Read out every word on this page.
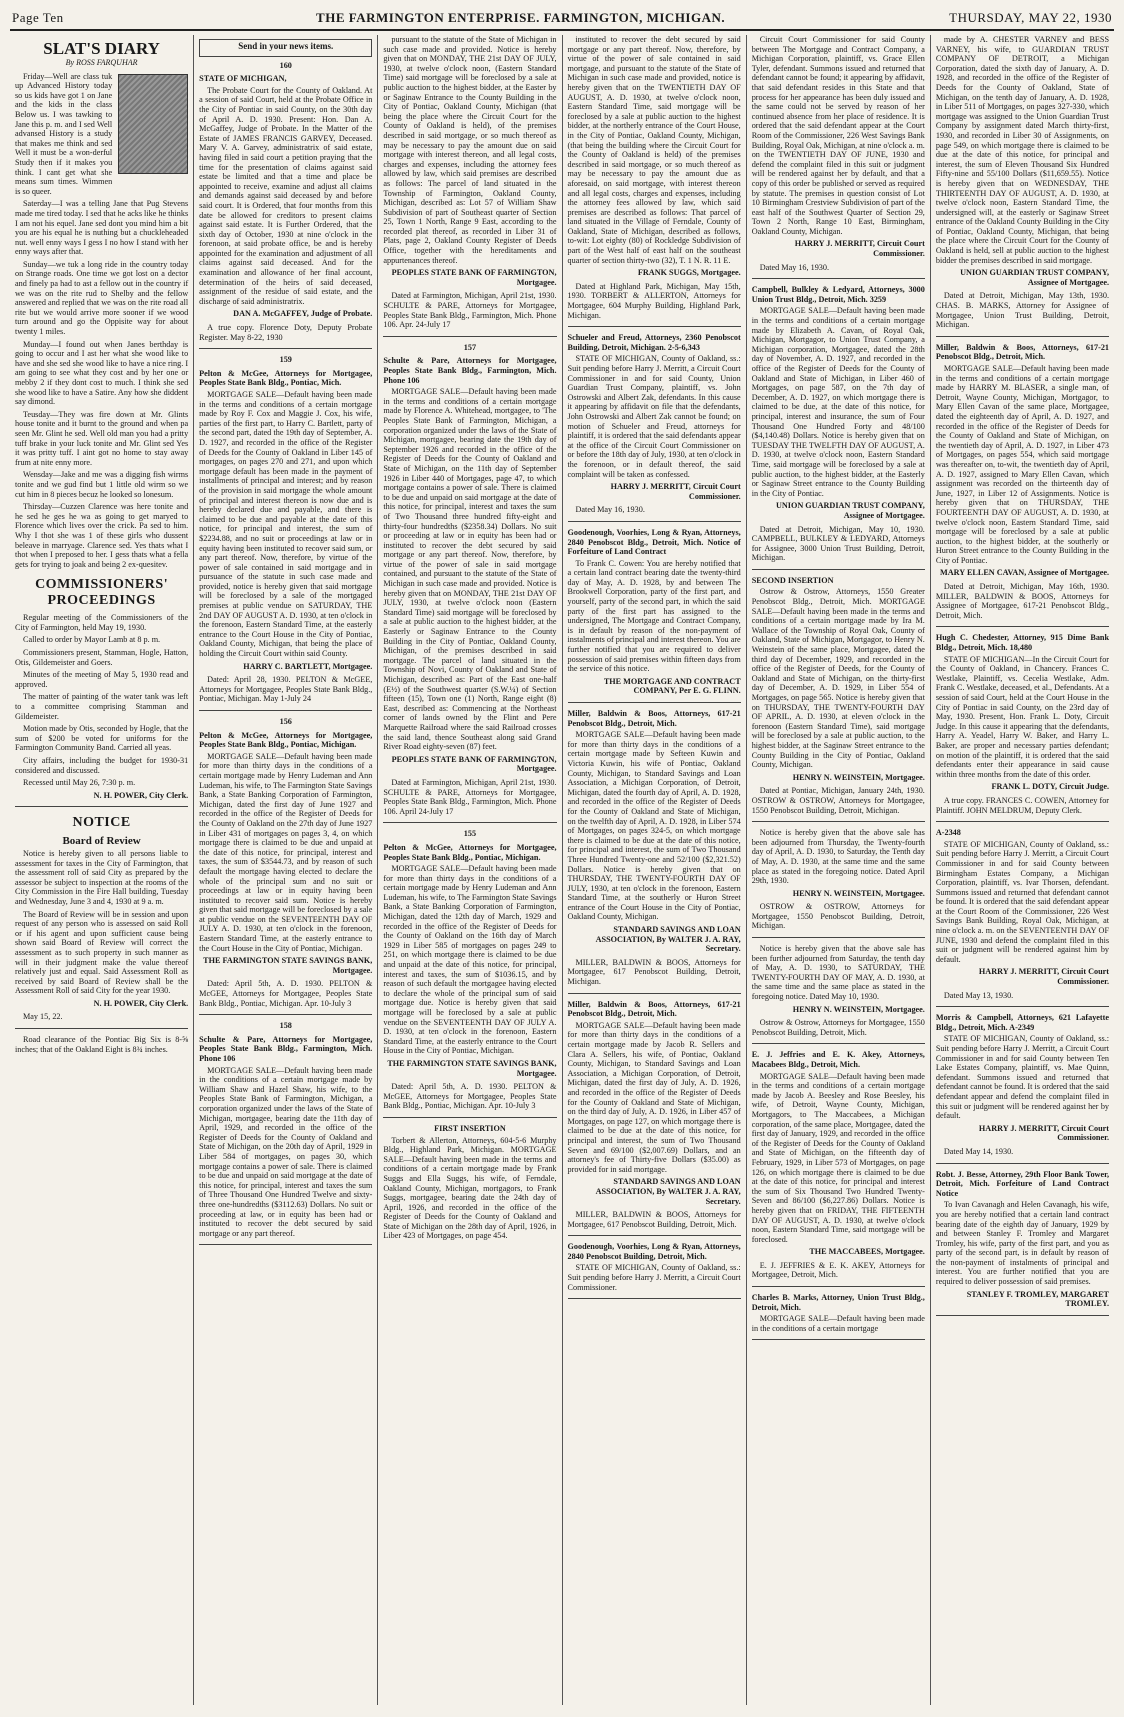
Page Ten	THE FARMINGTON ENTERPRISE. FARMINGTON, MICHIGAN.	THURSDAY, MAY 22, 1930
SLAT'S DIARY
By ROSS FARQUHAR

Friday—Well are class tuk up Advanced History today so us kids have got 1 on Jane and the kids in the class Below us. I was tawking to Jane this p. m. and I sed Well advansed History is a study that makes me think and sed Well it must be a won-derful Study then if it makes you think. I cant get what she means sum times. Wimmen is so queer.

Saterday—I was a telling Jane that Pug Stevens made me tired today. I sed that he acks like he thinks I am not his equel. Jane sed dont you mind him a bit you are his equal he is nuthing but a chuckleheaded nut. well enny ways I gess I no how I stand with her enny ways after that.

Sunday—we tuk a long ride in the country today on Strange roads. One time we got lost on a dector and finely pa had to ast a fellow out in the country if we was on the rite rud to Shelby and the fellow answered and replied that we was on the rite road all rite but we would arrive more sooner if we wood turn around and go the Oppisite way for about twenty 1 miles.

Munday—I found out when Janes berthday is going to occur and I ast her what she wood like to have and she sed she wood like to have a nice ring. I am going to see what they cost and by her one or mebby 2 if they dont cost to much. I think she sed she wood like to have a Satire. Any how she diddent say dimond.

Teusday—They was fire down at Mr. Glints house tonite and it burnt to the ground and when pa seen Mr. Glint he sed. Well old man you had a pritty tuff brake in your luck tonite and Mr. Glint sed Yes it was pritty tuff. I aint got no home to stay away frum at nite enny more.

Wensday—Jake and me was a digging fish wirms tonite and we gud find but 1 little old wirm so we cut him in 8 pieces becuz he looked so lonesum.

Thirsday—Cuzzen Clarence was here tonite and he sed he ges he wa as going to get maryed to Florence which lives over the crick. Pa sed to him. Why I thot she was 1 of these girls who dussent beleave in marryage. Clarence sed. Yes thats what I thot when I preposed to her. I gess thats what a fella gets for trying to joak and being 2 ex-quesitev.

COMMISSIONERS' PROCEEDINGS

Regular meeting of the Commissioners of the City of Farmington, held May 19, 1930.

Called to order by Mayor Lamb at 8 p. m.

Commissioners present, Stamman, Hogle, Hatton, Otis, Gildemeister and Goers.

Minutes of the meeting of May 5, 1930 read and approved.

The matter of painting of the water tank was left to a committee comprising Stamman and Gildemeister.

Motion made by Otis, seconded by Hogle, that the sum of $200 be voted for uniforms for the Farmington Community Band. Carried all yeas.

City affairs, including the budget for 1930-31 considered and discussed.

Recessed until May 26, 7:30 p. m.

N. H. POWER, City Clerk.
NOTICE
Board of Review

Notice is hereby given to all persons liable to assessment for taxes in the City of Farmington, that the assessment roll of said City as prepared by the assessor be subject to inspection at the rooms of the City Commission in the Fire Hall building, Tuesday and Wednesday, June 3 and 4, 1930 at 9 a. m.

The Board of Review will be in session and upon request of any person who is assessed on said Roll or if his agent and upon sufficient cause being shown said Board of Review will correct the assessment as to such property in such manner as will in their judgment make the value thereof relatively just and equal. Said Assessment Roll as received by said Board of Review shall be the Assessment Roll of said City for the year 1930.

N. H. POWER, City Clerk.

May 15, 22.

Road clearance of the Pontiac Big Six is 8-⅝ inches; that of the Oakland Eight is 8¾ inches.

Send in your news items.
160
STATE OF MICHIGAN,

The Probate Court for the County of Oakland. At a session of said Court, held at the Probate Office in the City of Pontiac in said County, on the 30th day of April A. D. 1930. Present: Hon. Dan A. McGaffey, Judge of Probate. In the Matter of the Estate of JAMES FRANCIS GARVEY, Deceased. Mary V. A. Garvey, administratrix of said estate, having filed in said court a petition praying that the time for the presentation of claims against said estate be limited and that a time and place be appointed to receive, examine and adjust all claims and demands against said deceased by and before said court. It is Ordered, that four months from this date be allowed for creditors to present claims against said estate. It is Further Ordered, that the sixth day of October, 1930 at nine o'clock in the forenoon, at said probate office, be and is hereby appointed for the examination and adjustment of all claims against said deceased. And for the examination and allowance of her final account, determination of the heirs of said deceased, assignment of the residue of said estate, and the discharge of said administratrix.

DAN A. McGAFFEY, Judge of Probate.

A true copy. Florence Doty, Deputy Probate Register. May 8-22, 1930

159
Pelton & McGee, Attorneys for Mortgagee, Peoples State Bank Bldg., Pontiac, Mich.

MORTGAGE SALE—Default having been made in the terms and conditions of a certain mortgage made by Roy F. Cox and Maggie J. Cox, his wife, parties of the first part, to Harry C. Bartlett, party of the second part, dated the 19th day of September, A. D. 1927, and recorded in the office of the Register of Deeds for the County of Oakland in Liber 145 of mortgages, on pages 270 and 271, and upon which mortgage default has been made in the payment of installments of principal and interest; and by reason of the provision in said mortgage the whole amount of principal and interest thereon is now due and is hereby declared due and payable, and there is claimed to be due and payable at the date of this notice, for principal and interest, the sum of $2234.88, and no suit or proceedings at law or in equity having been instituted to recover said sum, or any part thereof. Now, therefore, by virtue of the power of sale contained in said mortgage and in pursuance of the statute in such case made and provided, notice is hereby given that said mortgage will be foreclosed by a sale of the mortgaged premises at public vendue on SATURDAY, THE 2nd DAY OF AUGUST A. D. 1930, at ten o'clock in the forenoon, Eastern Standard Time, at the easterly entrance to the Court House in the City of Pontiac, Oakland County, Michigan, that being the place of holding the Circuit Court within said County.

HARRY C. BARTLETT, Mortgagee.

Dated: April 28, 1930. PELTON & McGEE, Attorneys for Mortgagee, Peoples State Bank Bldg., Pontiac, Michigan. May 1-July 24

156
Pelton & McGee, Attorneys for Mortgagee, Peoples State Bank Bldg., Pontiac, Michigan.

MORTGAGE SALE—Default having been made for more than thirty days in the conditions of a certain mortgage made by Henry Ludeman and Ann Ludeman, his wife, to The Farmington State Savings Bank, a State Banking Corporation of Farmington, Michigan, dated the first day of June 1927 and recorded in the office of the Register of Deeds for the County of Oakland on the 27th day of June 1927 in Liber 431 of mortgages on pages 3, 4, on which mortgage there is claimed to be due and unpaid at the date of this notice, for principal, interest and taxes, the sum of $3544.73, and by reason of such default the mortgage having elected to declare the whole of the principal sum and no suit or proceedings at law or in equity having been instituted to recover said sum. Notice is hereby given that said mortgage will be foreclosed by a sale at public vendue on the SEVENTEENTH DAY OF JULY A. D. 1930, at ten o'clock in the forenoon, Eastern Standard Time, at the easterly entrance to the Court House in the City of Pontiac, Michigan.

THE FARMINGTON STATE SAVINGS BANK, Mortgagee.

Dated: April 5th, A. D. 1930. PELTON & McGEE, Attorneys for Mortgagee, Peoples State Bank Bldg., Pontiac, Michigan. Apr. 10-July 3

158
Schulte & Pare, Attorneys for Mortgagee, Peoples State Bank Bldg., Farmington, Mich. Phone 106

MORTGAGE SALE—Default having been made in the conditions of a certain mortgage made by William Shaw and Hazel Shaw, his wife, to the Peoples State Bank of Farmington, Michigan, a corporation organized under the laws of the State of Michigan, mortgagee, bearing date the 11th day of April, 1929, and recorded in the office of the Register of Deeds for the County of Oakland and State of Michigan, on the 20th day of April, 1929 in Liber 584 of mortgages, on pages 30, which mortgage contains a power of sale. There is claimed to be due and unpaid on said mortgage at the date of this notice, for principal, interest and taxes the sum of Three Thousand One Hundred Twelve and sixty-three one-hundredths ($3112.63) Dollars. No suit or proceeding at law, or in equity has been had or instituted to recover the debt secured by said mortgage or any part thereof.

pursuant to the statute of the State of Michigan in such case made and provided. Notice is hereby given that on MONDAY, THE 21st DAY OF JULY, 1930, at twelve o'clock noon, (Eastern Standard Time) said mortgage will be foreclosed by a sale at public auction to the highest bidder, at the Easter by or Saginaw Entrance to the County Building in the City of Pontiac, Oakland County, Michigan (that being the place where the Circuit Court for the County of Oakland is held), of the premises described in said mortgage, or so much thereof as may be necessary to pay the amount due on said mortgage with interest thereon, and all legal costs, charges and expenses, including the attorney fees allowed by law, which said premises are described as follows: The parcel of land situated in the Township of Farmington, Oakland County, Michigan, described as: Lot 57 of William Shaw Subdivision of part of Southeast quarter of Section 25, Town 1 North, Range 9 East, according to the recorded plat thereof, as recorded in Liber 31 of Plats, page 2, Oakland County Register of Deeds Office, together with the hereditaments and appurtenances thereof.

PEOPLES STATE BANK OF FARMINGTON, Mortgagee.

Dated at Farmington, Michigan, April 21st, 1930. SCHULTE & PARE, Attorneys for Mortgagee, Peoples State Bank Bldg., Farmington, Mich. Phone 106. Apr. 24-July 17

157
Schulte & Pare, Attorneys for Mortgagee, Peoples State Bank Bldg., Farmington, Mich. Phone 106

MORTGAGE SALE—Default having been made in the terms and conditions of a certain mortgage made by Florence A. Whitehead, mortgagee, to 'The Peoples State Bank of Farmington, Michigan, a corporation organized under the laws of the State of Michigan, mortgagee, bearing date the 19th day of September 1926 and recorded in the office of the Register of Deeds for the County of Oakland and State of Michigan, on the 11th day of September 1926 in Liber 440 of Mortgages, page 47, to which mortgage contains a power of sale. There is claimed to be due and unpaid on said mortgage at the date of this notice, for principal, interest and taxes the sum of Two Thousand three hundred fifty-eight and thirty-four hundredths ($2358.34) Dollars. No suit or proceeding at law or in equity has been had or instituted to recover the debt secured by said mortgage or any part thereof. Now, therefore, by virtue of the power of sale in said mortgage contained, and pursuant to the statute of the State of Michigan in such case made and provided. Notice is hereby given that on MONDAY, THE 21st DAY OF JULY, 1930, at twelve o'clock noon (Eastern Standard Time) said mortgage will be foreclosed by a sale at public auction to the highest bidder, at the Easterly or Saginaw Entrance to the County Building in the City of Pontiac, Oakland County, Michigan, of the premises described in said mortgage. The parcel of land situated in the Township of Novi, County of Oakland and State of Michigan, described as: Part of the East one-half (E½) of the Southwest quarter (S.W.¼) of Section fifteen (15), Town one (1) North, Range eight (8) East, described as: Commencing at the Northeast corner of lands owned by the Flint and Pere Marquette Railroad where the said Railroad crosses the said land, thence Southeast along said Grand River Road eighty-seven (87) feet.

PEOPLES STATE BANK OF FARMINGTON, Mortgagee.

Dated at Farmington, Michigan, April 21st, 1930. SCHULTE & PARE, Attorneys for Mortgagee, Peoples State Bank Bldg., Farmington, Mich. Phone 106. April 24-July 17

155
Pelton & McGee, Attorneys for Mortgagee, Peoples State Bank Bldg., Pontiac, Michigan.

MORTGAGE SALE—Default having been made for more than thirty days in the conditions of a certain mortgage made by Henry Ludeman and Ann Ludeman, his wife, to The Farmington State Savings Bank, a State Banking Corporation of Farmington, Michigan, dated the 12th day of March, 1929 and recorded in the office of the Register of Deeds for the County of Oakland on the 16th day of March 1929 in Liber 585 of mortgages on pages 249 to 251, on which mortgage there is claimed to be due and unpaid at the date of this notice, for principal, interest and taxes, the sum of $1036.15, and by reason of such default the mortgagee having elected to declare the whole of the principal sum of said mortgage due. Notice is hereby given that said mortgage will be foreclosed by a sale at public vendue on the SEVENTEENTH DAY OF JULY A. D. 1930, at ten o'clock in the forenoon, Eastern Standard Time, at the easterly entrance to the Court House in the City of Pontiac, Michigan.

THE FARMINGTON STATE SAVINGS BANK, Mortgagee.

Dated: April 5th, A. D. 1930. PELTON & McGEE, Attorneys for Mortgagee, Peoples State Bank Bldg., Pontiac, Michigan. Apr. 10-July 3

FIRST INSERTION

Torbert & Allerton, Attorneys, 604-5-6 Murphy Bldg., Highland Park, Michigan. MORTGAGE SALE—Default having been made in the terms and conditions of a certain mortgage made by Frank Suggs and Ella Suggs, his wife, of Ferndale, Oakland County, Michigan, mortgagors, to Frank Suggs, mortgagee, bearing date the 24th day of April, 1926, and recorded in the office of the Register of Deeds for the County of Oakland and State of Michigan on the 28th day of April, 1926, in Liber 423 of Mortgages, on page 454.

instituted to recover the debt secured by said mortgage or any part thereof. Now, therefore, by virtue of the power of sale contained in said mortgage, and pursuant to the statute of the State of Michigan in such case made and provided, notice is hereby given that on the TWENTIETH DAY OF AUGUST, A. D. 1930, at twelve o'clock noon, Eastern Standard Time, said mortgage will be foreclosed by a sale at public auction to the highest bidder, at the northerly entrance of the Court House, in the City of Pontiac, Oakland County, Michigan, (that being the building where the Circuit Court for the County of Oakland is held) of the premises described in said mortgage, or so much thereof as may be necessary to pay the amount due as aforesaid, on said mortgage, with interest thereon and all legal costs, charges and expenses, including the attorney fees allowed by law, which said premises are described as follows: That parcel of land situated in the Village of Ferndale, County of Oakland, State of Michigan, described as follows, to-wit: Lot eighty (80) of Rockledge Subdivision of part of the West half of east half on the southeast quarter of section thirty-two (32), T. 1 N. R. 11 E.

FRANK SUGGS, Mortgagee.

Dated at Highland Park, Michigan, May 15th, 1930. TORBERT & ALLERTON, Attorneys for Mortgagee, 604 Murphy Building, Highland Park, Michigan.

Schueler and Freud, Attorneys, 2360 Penobscot Building, Detroit, Michigan. 2-5-6,343

STATE OF MICHIGAN, County of Oakland, ss.: Suit pending before Harry J. Merritt, a Circuit Court Commissioner in and for said County, Union Guardian Trust Company, plaintiff, vs. John Ostrowski and Albert Zak, defendants. In this cause it appearing by affidavit on file that the defendants, John Ostrowski and Albert Zak cannot be found; on motion of Schueler and Freud, attorneys for plaintiff, it is ordered that the said defendants appear at the office of the Circuit Court Commissioner on or before the 18th day of July, 1930, at ten o'clock in the forenoon, or in default thereof, the said complaint will be taken as confessed.

HARRY J. MERRITT, Circuit Court Commissioner.

Dated May 16, 1930.

Goodenough, Voorhies, Long & Ryan, Attorneys, 2840 Penobscot Bldg., Detroit, Mich. Notice of Forfeiture of Land Contract

To Frank C. Cowen: You are hereby notified that a certain land contract bearing date the twenty-third day of May, A. D. 1928, by and between The Brookwell Corporation, party of the first part, and yourself, party of the second part, in which the said party of the first part has assigned to the undersigned, The Mortgage and Contract Company, is in default by reason of the non-payment of instalments of principal and interest thereon. You are further notified that you are required to deliver possession of said premises within fifteen days from the service of this notice.

THE MORTGAGE AND CONTRACT COMPANY, Per E. G. FLINN.
Miller, Baldwin & Boos, Attorneys, 617-21 Penobscot Bldg., Detroit, Mich.

MORTGAGE SALE—Default having been made for more than thirty days in the conditions of a certain mortgage made by Sefteen Kuwin and Victoria Kuwin, his wife of Pontiac, Oakland County, Michigan, to Standard Savings and Loan Association, a Michigan Corporation, of Detroit, Michigan, dated the fourth day of April, A. D. 1928, and recorded in the office of the Register of Deeds for the County of Oakland and State of Michigan, on the twelfth day of April, A. D. 1928, in Liber 574 of Mortgages, on pages 324-5, on which mortgage there is claimed to be due at the date of this notice, for principal and interest, the sum of Two Thousand Three Hundred Twenty-one and 52/100 ($2,321.52) Dollars. Notice is hereby given that on THURSDAY, THE TWENTY-FOURTH DAY OF JULY, 1930, at ten o'clock in the forenoon, Eastern Standard Time, at the southerly or Huron Street entrance of the Court House in the City of Pontiac, Oakland County, Michigan.

STANDARD SAVINGS AND LOAN ASSOCIATION, By WALTER J. A. RAY, Secretary.

MILLER, BALDWIN & BOOS, Attorneys for Mortgagee, 617 Penobscot Building, Detroit, Michigan.

Miller, Baldwin & Boos, Attorneys, 617-21 Penobscot Bldg., Detroit, Mich.

MORTGAGE SALE—Default having been made for more than thirty days in the conditions of a certain mortgage made by Jacob R. Sellers and Clara A. Sellers, his wife, of Pontiac, Oakland County, Michigan, to Standard Savings and Loan Association, a Michigan Corporation, of Detroit, Michigan, dated the first day of July, A. D. 1926, and recorded in the office of the Register of Deeds for the County of Oakland and State of Michigan, on the third day of July, A. D. 1926, in Liber 457 of Mortgages, on page 127, on which mortgage there is claimed to be due at the date of this notice, for principal and interest, the sum of Two Thousand Seven and 69/100 ($2,007.69) Dollars, and an attorney's fee of Thirty-five Dollars ($35.00) as provided for in said mortgage.

STANDARD SAVINGS AND LOAN ASSOCIATION, By WALTER J. A. RAY, Secretary.

MILLER, BALDWIN & BOOS, Attorneys for Mortgagee, 617 Penobscot Building, Detroit, Mich.

Goodenough, Voorhies, Long & Ryan, Attorneys, 2840 Penobscot Building, Detroit, Mich.

STATE OF MICHIGAN, County of Oakland, ss.: Suit pending before Harry J. Merritt, a Circuit Court Commissioner.

Circuit Court Commissioner for said County between The Mortgage and Contract Company, a Michigan Corporation, plaintiff, vs. Grace Ellen Tyler, defendant. Summons issued and returned that defendant cannot be found; it appearing by affidavit, that said defendant resides in this State and that process for her appearance has been duly issued and the same could not be served by reason of her continued absence from her place of residence. It is ordered that the said defendant appear at the Court Room of the Commissioner, 226 West Savings Bank Building, Royal Oak, Michigan, at nine o'clock a. m. on the TWENTIETH DAY OF JUNE, 1930 and defend the complaint filed in this suit or judgment will be rendered against her by default, and that a copy of this order be published or served as required by statute. The premises in question consist of Lot 10 Birmingham Crestview Subdivision of part of the east half of the Southwest Quarter of Section 29, Town 2 North, Range 10 East, Birmingham, Oakland County, Michigan.

HARRY J. MERRITT, Circuit Court Commissioner.

Dated May 16, 1930.

Campbell, Bulkley & Ledyard, Attorneys, 3000 Union Trust Bldg., Detroit, Mich. 3259

MORTGAGE SALE—Default having been made in the terms and conditions of a certain mortgage made by Elizabeth A. Cavan, of Royal Oak, Michigan, Mortgagor, to Union Trust Company, a Michigan corporation, Mortgagee, dated the 28th day of November, A. D. 1927, and recorded in the office of the Register of Deeds for the County of Oakland and State of Michigan, in Liber 460 of Mortgages, on page 587, on the 7th day of December, A. D. 1927, on which mortgage there is claimed to be due, at the date of this notice, for principal, interest and insurance, the sum of Four Thousand One Hundred Forty and 48/100 ($4,140.48) Dollars. Notice is hereby given that on TUESDAY THE TWELFTH DAY OF AUGUST, A. D. 1930, at twelve o'clock noon, Eastern Standard Time, said mortgage will be foreclosed by a sale at public auction, to the highest bidder, at the Easterly or Saginaw Street entrance to the County Building in the City of Pontiac.

UNION GUARDIAN TRUST COMPANY, Assignee of Mortgagee.

Dated at Detroit, Michigan, May 10, 1930. CAMPBELL, BULKLEY & LEDYARD, Attorneys for Assignee, 3000 Union Trust Building, Detroit, Michigan.

SECOND INSERTION

Ostrow & Ostrow, Attorneys, 1550 Greater Penobscot Bldg., Detroit, Mich. MORTGAGE SALE—Default having been made in the terms and conditions of a certain mortgage made by Ira M. Wallace of the Township of Royal Oak, County of Oakland, State of Michigan, Mortgagor, to Henry N. Weinstein of the same place, Mortgagee, dated the third day of December, 1929, and recorded in the office of the Register of Deeds, for the County of Oakland and State of Michigan, on the thirty-first day of December, A. D. 1929, in Liber 554 of Mortgages, on page 565. Notice is hereby given that on THURSDAY, THE TWENTY-FOURTH DAY OF APRIL, A. D. 1930, at eleven o'clock in the forenoon (Eastern Standard Time), said mortgage will be foreclosed by a sale at public auction, to the highest bidder, at the Saginaw Street entrance to the County Building in the City of Pontiac, Oakland County, Michigan.

HENRY N. WEINSTEIN, Mortgagee.

Dated at Pontiac, Michigan, January 24th, 1930. OSTROW & OSTROW, Attorneys for Mortgagee, 1550 Penobscot Building, Detroit, Michigan.

Notice is hereby given that the above sale has been adjourned from Thursday, the Twenty-fourth day of April, A. D. 1930, to Saturday, the Tenth day of May, A. D. 1930, at the same time and the same place as stated in the foregoing notice. Dated April 29th, 1930.

HENRY N. WEINSTEIN, Mortgagee.

OSTROW & OSTROW, Attorneys for Mortgagee, 1550 Penobscot Building, Detroit, Michigan.

Notice is hereby given that the above sale has been further adjourned from Saturday, the tenth day of May, A. D. 1930, to SATURDAY, THE TWENTY-FOURTH DAY OF MAY, A. D. 1930, at the same time and the same place as stated in the foregoing notice. Dated May 10, 1930.

HENRY N. WEINSTEIN, Mortgagee.

Ostrow & Ostrow, Attorneys for Mortgagee, 1550 Penobscot Building, Detroit, Mich.

E. J. Jeffries and E. K. Akey, Attorneys, Macabees Bldg., Detroit, Mich.

MORTGAGE SALE—Default having been made in the terms and conditions of a certain mortgage made by Jacob A. Beesley and Rose Beesley, his wife, of Detroit, Wayne County, Michigan, Mortgagors, to The Maccabees, a Michigan corporation, of the same place, Mortgagee, dated the first day of January, 1929, and recorded in the office of the Register of Deeds for the County of Oakland and State of Michigan, on the fifteenth day of February, 1929, in Liber 573 of Mortgages, on page 126, on which mortgage there is claimed to be due at the date of this notice, for principal and interest the sum of Six Thousand Two Hundred Twenty-Seven and 86/100 ($6,227.86) Dollars. Notice is hereby given that on FRIDAY, THE FIFTEENTH DAY OF AUGUST, A. D. 1930, at twelve o'clock noon, Eastern Standard Time, said mortgage will be foreclosed.

THE MACCABEES, Mortgagee.

E. J. JEFFRIES & E. K. AKEY, Attorneys for Mortgagee, Detroit, Mich.

Charles B. Marks, Attorney, Union Trust Bldg., Detroit, Mich.

MORTGAGE SALE—Default having been made in the conditions of a certain mortgage

made by A. CHESTER VARNEY and BESS VARNEY, his wife, to GUARDIAN TRUST COMPANY OF DETROIT, a Michigan Corporation, dated the sixth day of January, A. D. 1928, and recorded in the office of the Register of Deeds for the County of Oakland, State of Michigan, on the tenth day of January, A. D. 1928, in Liber 511 of Mortgages, on pages 327-330, which mortgage was assigned to the Union Guardian Trust Company by assignment dated March thirty-first, 1930, and recorded in Liber 30 of Assignments, on page 549, on which mortgage there is claimed to be due at the date of this notice, for principal and interest, the sum of Eleven Thousand Six Hundred Fifty-nine and 55/100 Dollars ($11,659.55). Notice is hereby given that on WEDNESDAY, THE THIRTEENTH DAY OF AUGUST, A. D. 1930, at twelve o'clock noon, Eastern Standard Time, the undersigned will, at the easterly or Saginaw Street entrance of the Oakland County Building in the City of Pontiac, Oakland County, Michigan, that being the place where the Circuit Court for the County of Oakland is held, sell at public auction to the highest bidder the premises described in said mortgage.

UNION GUARDIAN TRUST COMPANY, Assignee of Mortgagee.

Dated at Detroit, Michigan, May 13th, 1930. CHAS. B. MARKS, Attorney for Assignee of Mortgagee, Union Trust Building, Detroit, Michigan.

Miller, Baldwin & Boos, Attorneys, 617-21 Penobscot Bldg., Detroit, Mich.

MORTGAGE SALE—Default having been made in the terms and conditions of a certain mortgage made by HARRY M. BLASER, a single man, of Detroit, Wayne County, Michigan, Mortgagor, to Mary Ellen Cavan of the same place, Mortgagee, dated the eighteenth day of April, A. D. 1927, and recorded in the office of the Register of Deeds for the County of Oakland and State of Michigan, on the twentieth day of April, A. D. 1927, in Liber 473 of Mortgages, on pages 554, which said mortgage was thereafter on, to-wit, the twentieth day of April, A. D. 1927, assigned to Mary Ellen Cavan, which assignment was recorded on the thirteenth day of June, 1927, in Liber 12 of Assignments. Notice is hereby given that on THURSDAY, THE FOURTEENTH DAY OF AUGUST, A. D. 1930, at twelve o'clock noon, Eastern Standard Time, said mortgage will be foreclosed by a sale at public auction, to the highest bidder, at the southerly or Huron Street entrance to the County Building in the City of Pontiac.

MARY ELLEN CAVAN, Assignee of Mortgagee.

Dated at Detroit, Michigan, May 16th, 1930. MILLER, BALDWIN & BOOS, Attorneys for Assignee of Mortgagee, 617-21 Penobscot Bldg., Detroit, Mich.

Hugh C. Chedester, Attorney, 915 Dime Bank Bldg., Detroit, Mich. 18,480

STATE OF MICHIGAN—In the Circuit Court for the County of Oakland, in Chancery. Frances C. Westlake, Plaintiff, vs. Cecelia Westlake, Adm. Frank C. Westlake, deceased, et al., Defendants. At a session of said Court, held at the Court House in the City of Pontiac in said County, on the 23rd day of May, 1930. Present, Hon. Frank L. Doty, Circuit Judge. In this cause it appearing that the defendants, Harry A. Yeadel, Harry W. Baker, and Harry L. Baker, are proper and necessary parties defendant; on motion of the plaintiff, it is ordered that the said defendants enter their appearance in said cause within three months from the date of this order.

FRANK L. DOTY, Circuit Judge.

A true copy. FRANCES C. COWEN, Attorney for Plaintiff. JOHN MELDRUM, Deputy Clerk.

A-2348

STATE OF MICHIGAN, County of Oakland, ss.: Suit pending before Harry J. Merritt, a Circuit Court Commissioner in and for said County between Birmingham Estates Company, a Michigan Corporation, plaintiff, vs. Ivar Thorsen, defendant. Summons issued and returned that defendant cannot be found. It is ordered that the said defendant appear at the Court Room of the Commissioner, 226 West Savings Bank Building, Royal Oak, Michigan, at nine o'clock a. m. on the SEVENTEENTH DAY OF JUNE, 1930 and defend the complaint filed in this suit or judgment will be rendered against him by default.

HARRY J. MERRITT, Circuit Court Commissioner.

Dated May 13, 1930.

Morris & Campbell, Attorneys, 621 Lafayette Bldg., Detroit, Mich. A-2349

STATE OF MICHIGAN, County of Oakland, ss.: Suit pending before Harry J. Merritt, a Circuit Court Commissioner in and for said County between Ten Lake Estates Company, plaintiff, vs. Mae Quinn, defendant. Summons issued and returned that defendant cannot be found. It is ordered that the said defendant appear and defend the complaint filed in this suit or judgment will be rendered against her by default.

HARRY J. MERRITT, Circuit Court Commissioner.

Dated May 14, 1930.

Robt. J. Besse, Attorney, 29th Floor Bank Tower, Detroit, Mich. Forfeiture of Land Contract Notice

To Ivan Cavanagh and Helen Cavanagh, his wife, you are hereby notified that a certain land contract bearing date of the eighth day of January, 1929 by and between Stanley F. Tromley and Margaret Tromley, his wife, party of the first part, and you as party of the second part, is in default by reason of the non-payment of instalments of principal and interest. You are further notified that you are required to deliver possession of said premises.

STANLEY F. TROMLEY, MARGARET TROMLEY.
